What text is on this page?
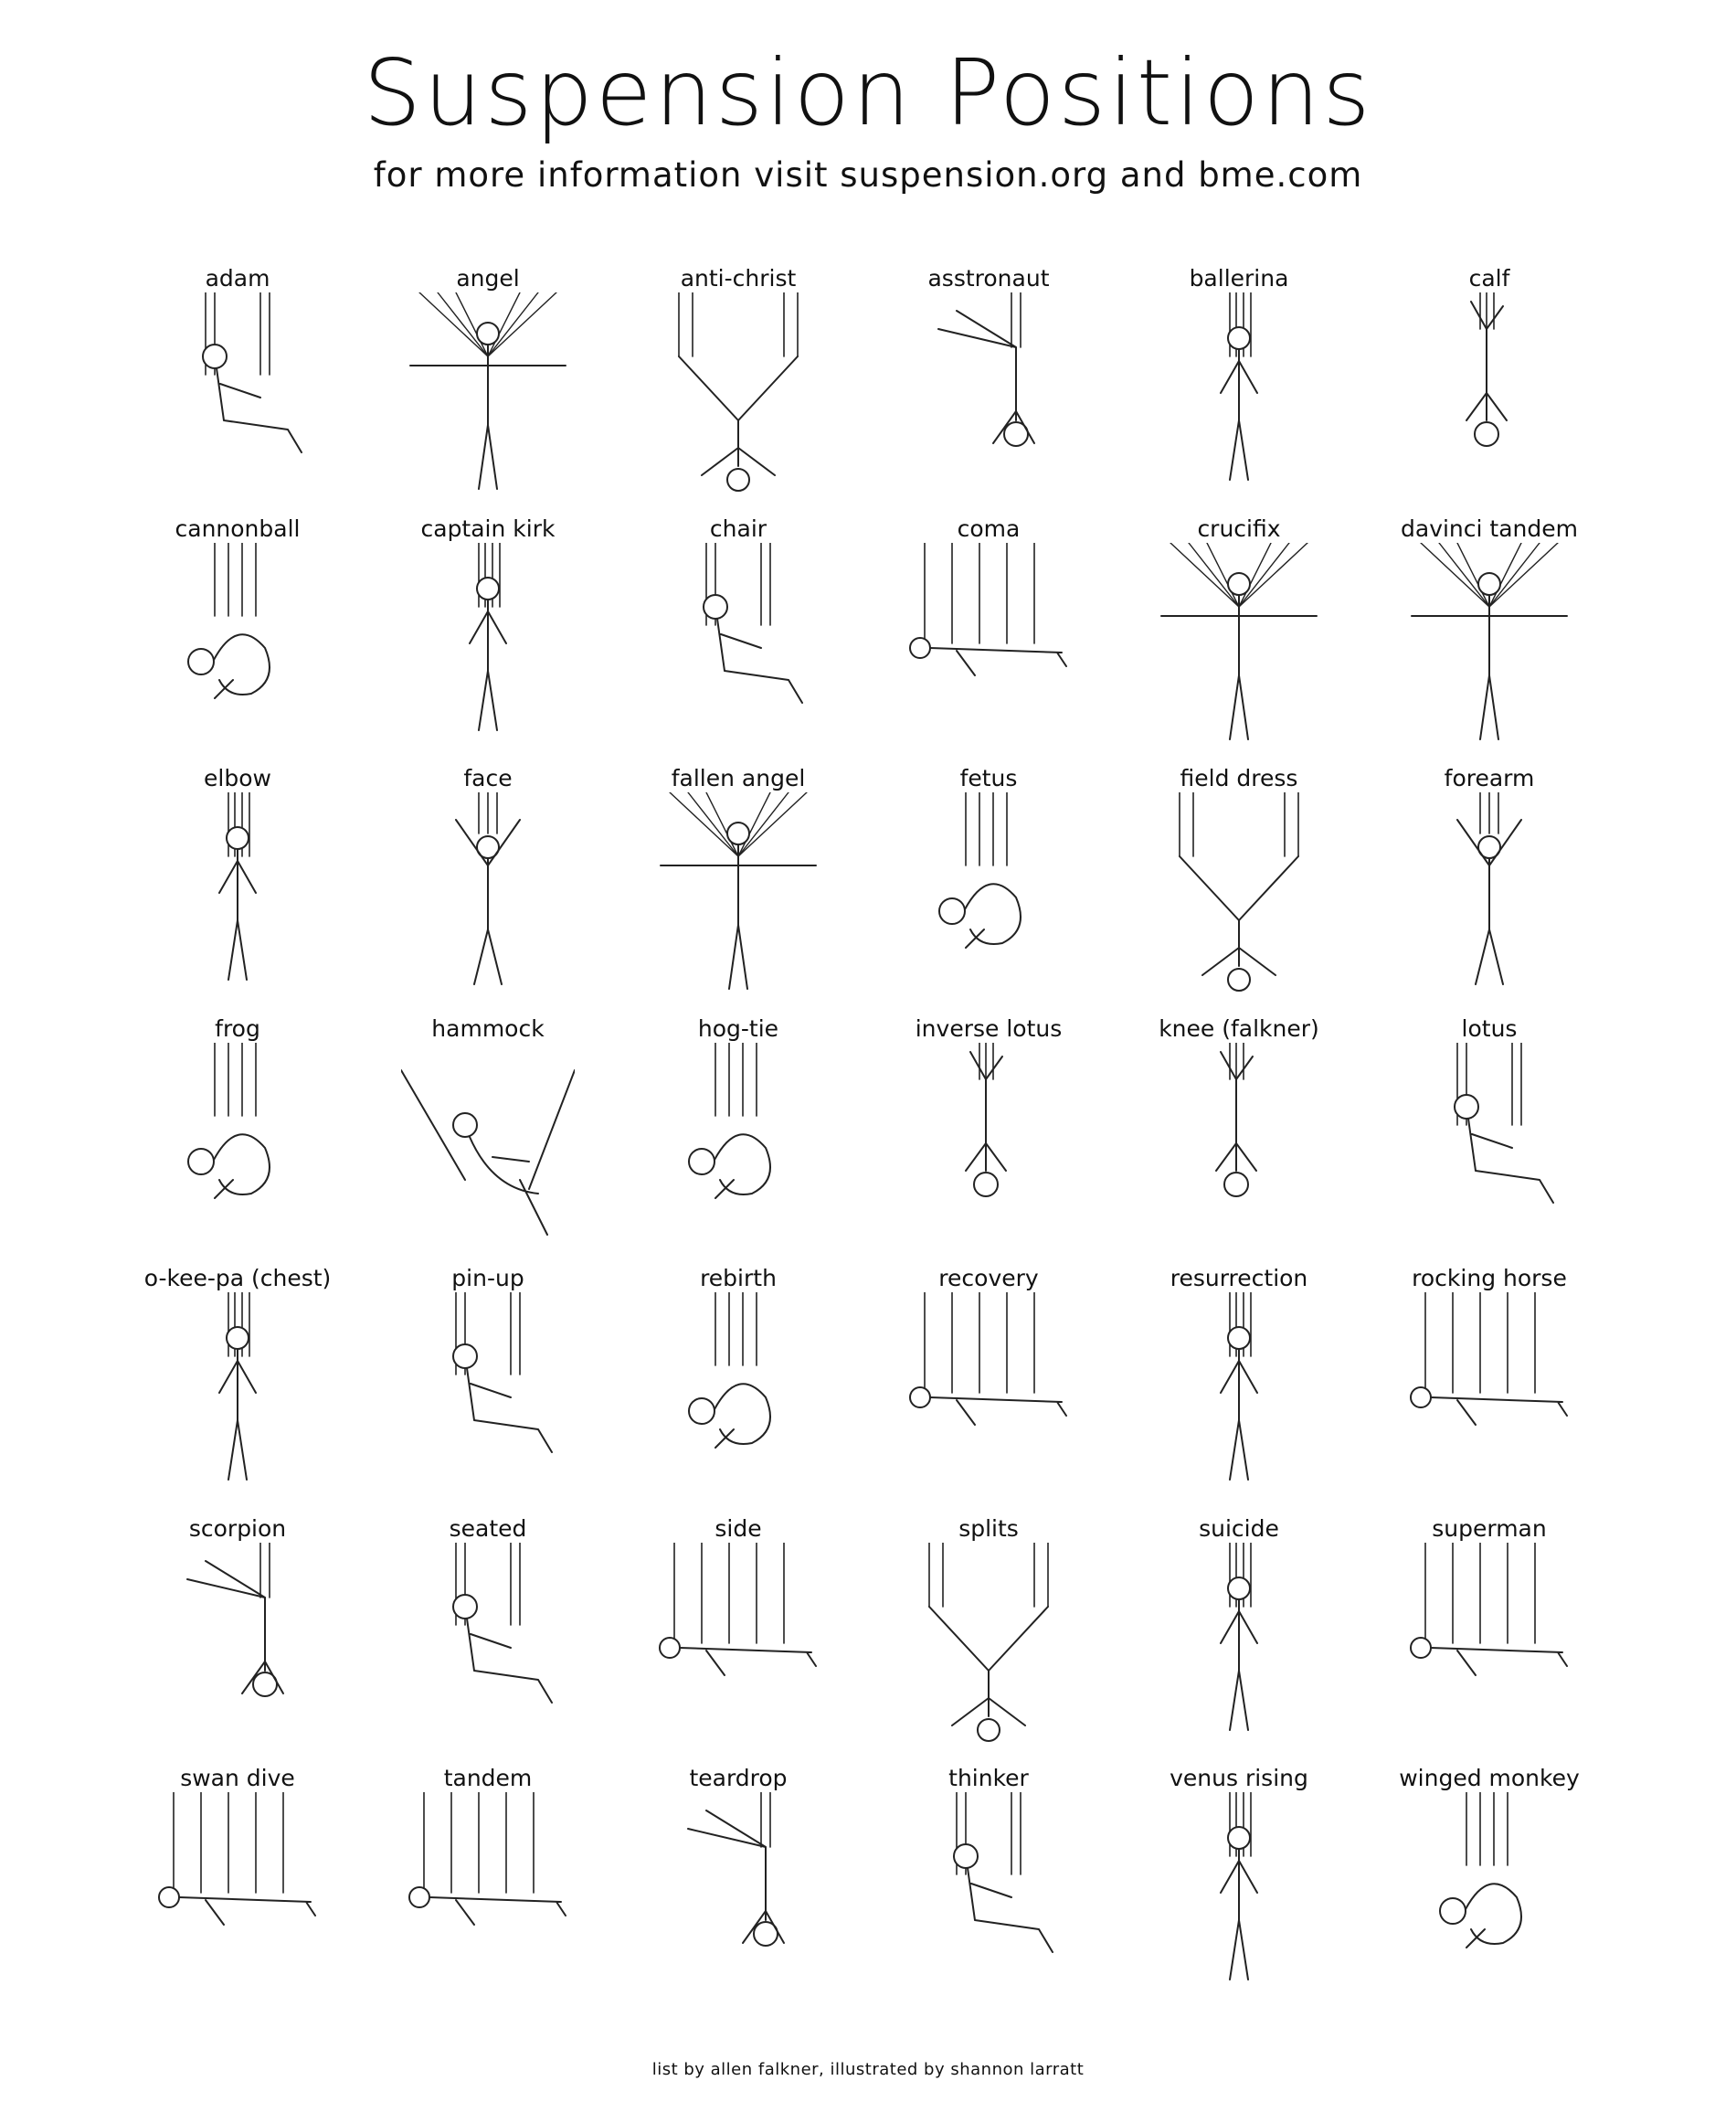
Suspension Positions
for more information visit suspension.org and bme.com
adam	angel	anti-christ	asstronaut	ballerina	calf
cannonball	captain kirk	chair	coma	crucifix	davinci tandem
elbow	face	fallen angel	fetus	field dress	forearm
frog	hammock	hog-tie	inverse lotus	knee (falkner)	lotus
o-kee-pa (chest)	pin-up	rebirth	recovery	resurrection	rocking horse
scorpion	seated	side	splits	suicide	superman
swan dive	tandem	teardrop	thinker	venus rising	winged monkey
list by allen falkner, illustrated by shannon larratt
